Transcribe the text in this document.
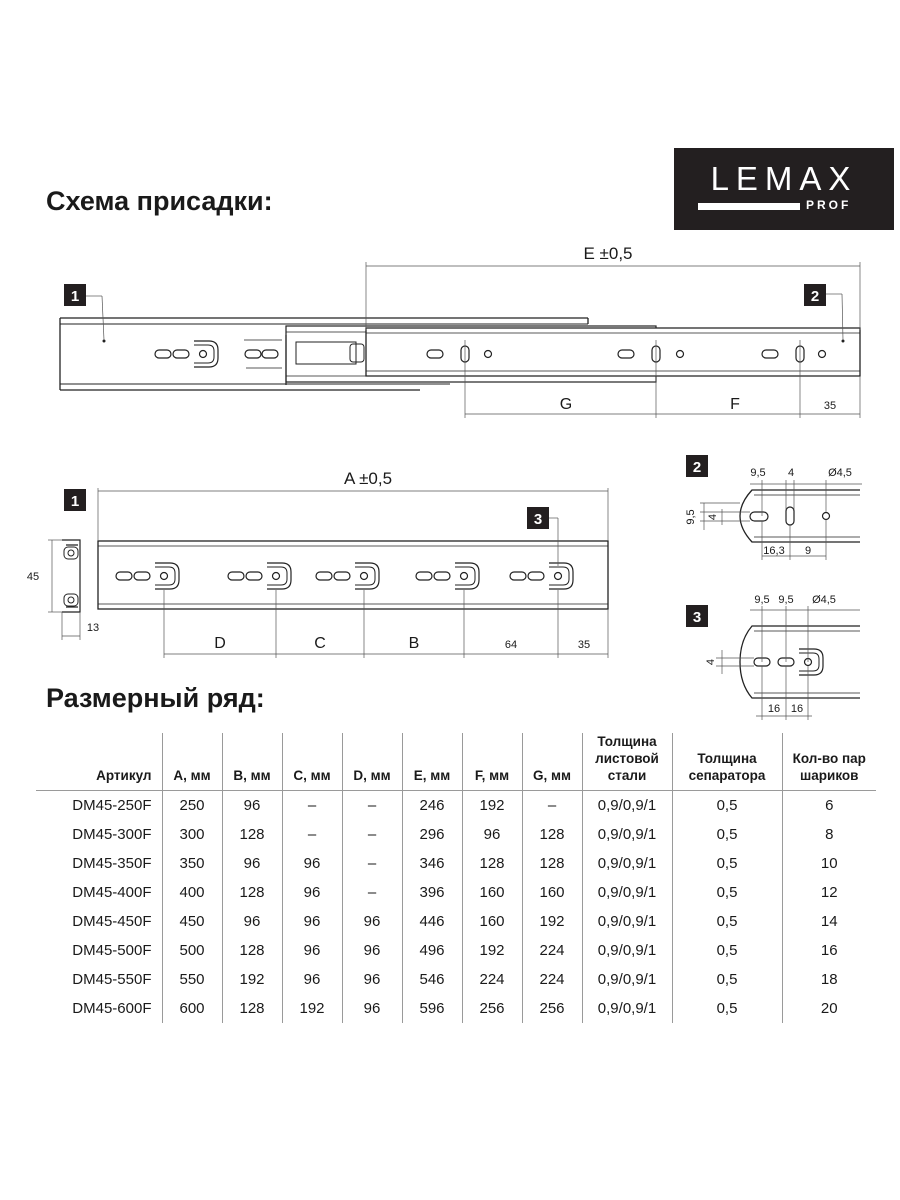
LEMAX
PROF
Схема присадки:
E ±0,5
G	F	35
1	2
A ±0,5
D	C	B	64	35
45
13
1
3
9,5 4	Ø4,5
9,5 4
16,3 9
2
9,5 9,5 Ø4,5
4
16 16
3
Размерный ряд:
Артикул	A, мм	B, мм	C, мм	D, мм	E, мм	F, мм	G, мм	Толщина листовой стали	Толщина сепаратора	Кол-во пар шариков
DM45-250F	250	96	–	–	246	192	–	0,9/0,9/1	0,5	6
DM45-300F	300	128	–	–	296	96	128	0,9/0,9/1	0,5	8
DM45-350F	350	96	96	–	346	128	128	0,9/0,9/1	0,5	10
DM45-400F	400	128	96	–	396	160	160	0,9/0,9/1	0,5	12
DM45-450F	450	96	96	96	446	160	192	0,9/0,9/1	0,5	14
DM45-500F	500	128	96	96	496	192	224	0,9/0,9/1	0,5	16
DM45-550F	550	192	96	96	546	224	224	0,9/0,9/1	0,5	18
DM45-600F	600	128	192	96	596	256	256	0,9/0,9/1	0,5	20
